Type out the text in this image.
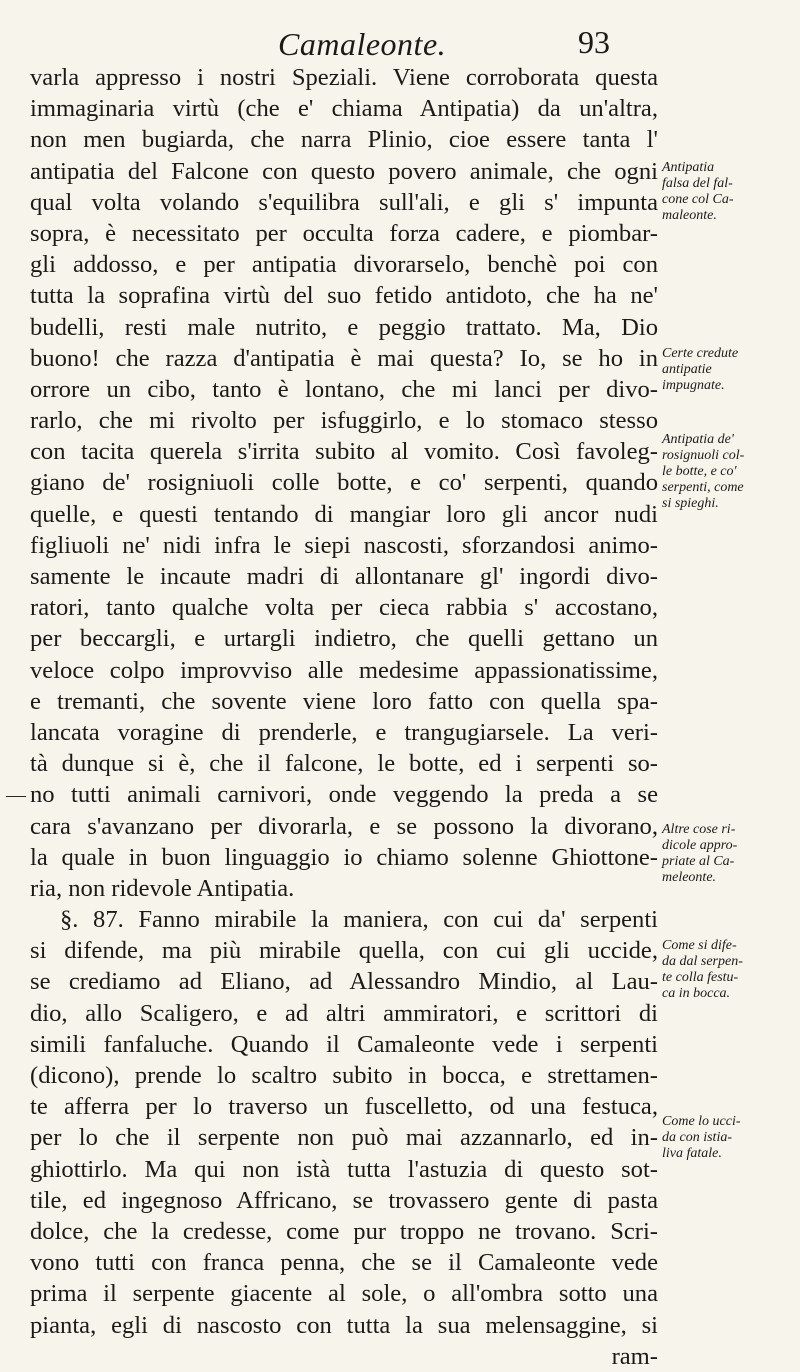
Camaleonte.	93
varla appresso i nostri Speziali. Viene corroborata questa
immaginaria virtù (che e' chiama Antipatia) da un'altra,
non men bugiarda, che narra Plinio, cioe essere tanta l'
antipatia del Falcone con questo povero animale, che ogni
qual volta volando s'equilibra sull'ali, e gli s' impunta
sopra, è necessitato per occulta forza cadere, e piombar-
gli addosso, e per antipatia divorarselo, benchè poi con
tutta la soprafina virtù del suo fetido antidoto, che ha ne'
budelli, resti male nutrito, e peggio trattato. Ma, Dio
buono! che razza d'antipatia è mai questa? Io, se ho in
orrore un cibo, tanto è lontano, che mi lanci per divo-
rarlo, che mi rivolto per isfuggirlo, e lo stomaco stesso
con tacita querela s'irrita subito al vomito. Così favoleg-
giano de' rosigniuoli colle botte, e co' serpenti, quando
quelle, e questi tentando di mangiar loro gli ancor nudi
figliuoli ne' nidi infra le siepi nascosti, sforzandosi animo-
samente le incaute madri di allontanare gl' ingordi divo-
ratori, tanto qualche volta per cieca rabbia s' accostano,
per beccargli, e urtargli indietro, che quelli gettano un
veloce colpo improvviso alle medesime appassionatissime,
e tremanti, che sovente viene loro fatto con quella spa-
lancata voragine di prenderle, e trangugiarsele. La veri-
tà dunque si è, che il falcone, le botte, ed i serpenti so-
no tutti animali carnivori, onde veggendo la preda a se
cara s'avanzano per divorarla, e se possono la divorano,
la quale in buon linguaggio io chiamo solenne Ghiottone-
ria, non ridevole Antipatia.
§. 87. Fanno mirabile la maniera, con cui da' serpenti
si difende, ma più mirabile quella, con cui gli uccide,
se crediamo ad Eliano, ad Alessandro Mindio, al Lau-
dio, allo Scaligero, e ad altri ammiratori, e scrittori di
simili fanfaluche. Quando il Camaleonte vede i serpenti
(dicono), prende lo scaltro subito in bocca, e strettamen-
te afferra per lo traverso un fuscelletto, od una festuca,
per lo che il serpente non può mai azzannarlo, ed in-
ghiottirlo. Ma qui non istà tutta l'astuzia di questo sot-
tile, ed ingegnoso Affricano, se trovassero gente di pasta
dolce, che la credesse, come pur troppo ne trovano. Scri-
vono tutti con franca penna, che se il Camaleonte vede
prima il serpente giacente al sole, o all'ombra sotto una
pianta, egli di nascosto con tutta la sua melensaggine, si
ram-
Antipatia
falsa del fal-
cone col Ca-
maleonte.
Certe credute
antipatie
impugnate.
Antipatia de'
rosignuoli col-
le botte, e co'
serpenti, come
si spieghi.
Altre cose ri-
dicole appro-
priate al Ca-
meleonte.
Come si dife-
da dal serpen-
te colla festu-
ca in bocca.
Come lo ucci-
da con istia-
liva fatale.
